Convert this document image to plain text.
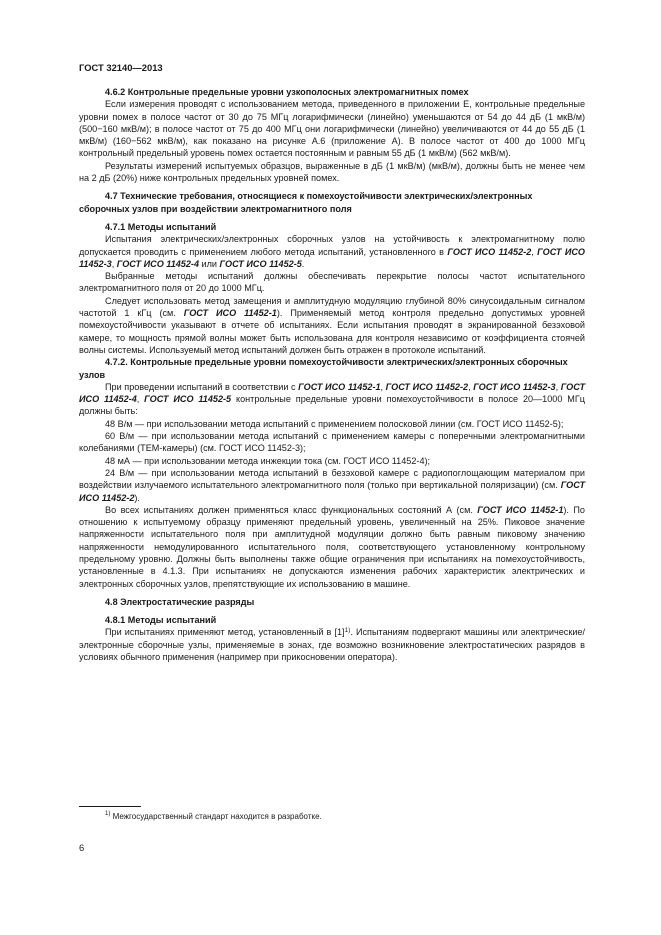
ГОСТ 32140—2013
4.6.2 Контрольные предельные уровни узкополосных электромагнитных помех

Если измерения проводят с использованием метода, приведенного в приложении Е, контрольные предельные уровни помех в полосе частот от 30 до 75 МГц логарифмически (линейно) уменьшаются от 54 до 44 дБ (1 мкВ/м) (500−160 мкВ/м); в полосе частот от 75 до 400 МГц они логарифмически (линейно) увеличиваются от 44 до 55 дБ (1 мкВ/м) (160−562 мкВ/м), как показано на рисунке А.6 (приложение А). В полосе частот от 400 до 1000 МГц контрольный предельный уровень помех остается постоянным и равным 55 дБ (1 мкВ/м) (562 мкВ/м).

Результаты измерений испытуемых образцов, выраженные в дБ (1 мкВ/м) (мкВ/м), должны быть не менее чем на 2 дБ (20%) ниже контрольных предельных уровней помех.

4.7 Технические требования, относящиеся к помехоустойчивости электрических/электронных сборочных узлов при воздействии электромагнитного поля
4.7.1 Методы испытаний

Испытания электрических/электронных сборочных узлов на устойчивость к электромагнитному полю допускается проводить с применением любого метода испытаний, установленного в ГОСТ ИСО 11452-2, ГОСТ ИСО 11452-3, ГОСТ ИСО 11452-4 или ГОСТ ИСО 11452-5.

Выбранные методы испытаний должны обеспечивать перекрытие полосы частот испытательного электромагнитного поля от 20 до 1000 МГц.

Следует использовать метод замещения и амплитудную модуляцию глубиной 80% синусоидальным сигналом частотой 1 кГц (см. ГОСТ ИСО 11452-1). Применяемый метод контроля предельно допустимых уровней помехоустойчивости указывают в отчете об испытаниях. Если испытания проводят в экранированной безэховой камере, то мощность прямой волны может быть использована для контроля независимо от коэффициента стоячей волны системы. Используемый метод испытаний должен быть отражен в протоколе испытаний.

4.7.2. Контрольные предельные уровни помехоустойчивости электрических/электронных сборочных узлов

При проведении испытаний в соответствии с ГОСТ ИСО 11452-1, ГОСТ ИСО 11452-2, ГОСТ ИСО 11452-3, ГОСТ ИСО 11452-4, ГОСТ ИСО 11452-5 контрольные предельные уровни помехоустойчивости в полосе 20—1000 МГц должны быть:

48 В/м — при использовании метода испытаний с применением полосковой линии (см. ГОСТ ИСО 11452-5);

60 В/м — при использовании метода испытаний с применением камеры с поперечными электромагнитными колебаниями (ТЕМ-камеры) (см. ГОСТ ИСО 11452-3);

48 мА — при использовании метода инжекции тока (см. ГОСТ ИСО 11452-4);

24 В/м — при использовании метода испытаний в безэховой камере с радиопоглощающим материалом при воздействии излучаемого испытательного электромагнитного поля (только при вертикальной поляризации) (см. ГОСТ ИСО 11452-2).

Во всех испытаниях должен применяться класс функциональных состояний А (см. ГОСТ ИСО 11452-1). По отношению к испытуемому образцу применяют предельный уровень, увеличенный на 25%. Пиковое значение напряженности испытательного поля при амплитудной модуляции должно быть равным пиковому значению напряженности немодулированного испытательного поля, соответствующего установленному контрольному предельному уровню. Должны быть выполнены также общие ограничения при испытаниях на помехоустойчивость, установленные в 4.1.3. При испытаниях не допускаются изменения рабочих характеристик электрических и электронных сборочных узлов, препятствующие их использованию в машине.

4.8 Электростатические разряды
4.8.1 Методы испытаний

При испытаниях применяют метод, установленный в $[1]^{1)}$. Испытаниям подвергают машины или электрические/электронные сборочные узлы, применяемые в зонах, где возможно возникновение электростатических разрядов в условиях обычного применения (например при прикосновении оператора).

$^{1)}$ Межгосударственный стандарт находится в разработке.
6
